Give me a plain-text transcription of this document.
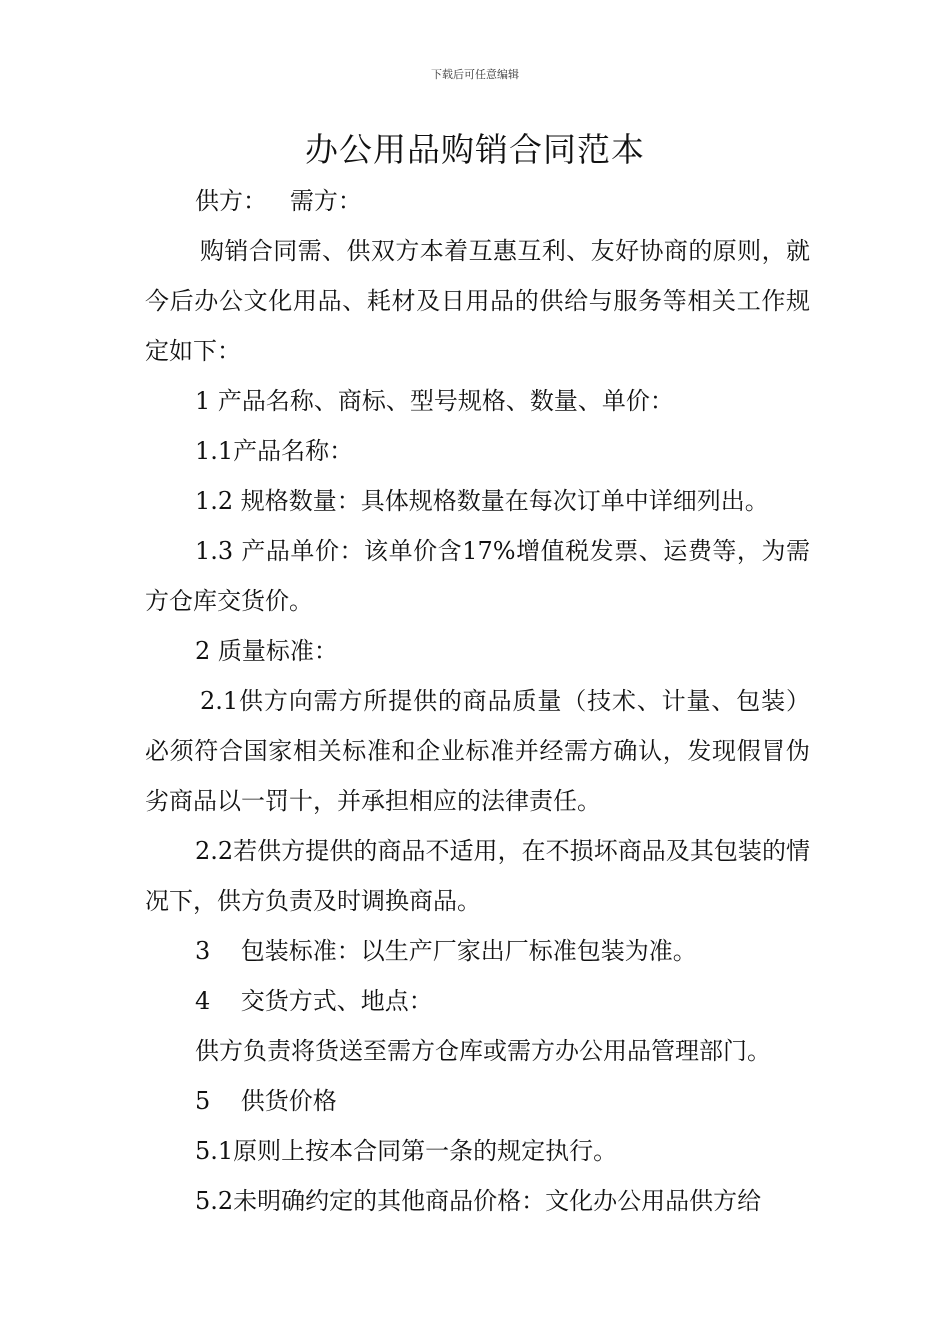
下载后可任意编辑
办公用品购销合同范本

供方：   需方：

购销合同需、供双方本着互惠互利、友好协商的原则，就今后办公文化用品、耗材及日用品的供给与服务等相关工作规定如下：

1 产品名称、商标、型号规格、数量、单价：

1.1产品名称：

1.2 规格数量：具体规格数量在每次订单中详细列出。

1.3 产品单价：该单价含17%增值税发票、运费等，为需方仓库交货价。

2 质量标准：

2.1供方向需方所提供的商品质量（技术、计量、包装）必须符合国家相关标准和企业标准并经需方确认，发现假冒伪劣商品以一罚十，并承担相应的法律责任。

2.2若供方提供的商品不适用，在不损坏商品及其包装的情况下，供方负责及时调换商品。

3    包装标准：以生产厂家出厂标准包装为准。

4    交货方式、地点：

供方负责将货送至需方仓库或需方办公用品管理部门。

5    供货价格

5.1原则上按本合同第一条的规定执行。

5.2未明确约定的其他商品价格：文化办公用品供方给
